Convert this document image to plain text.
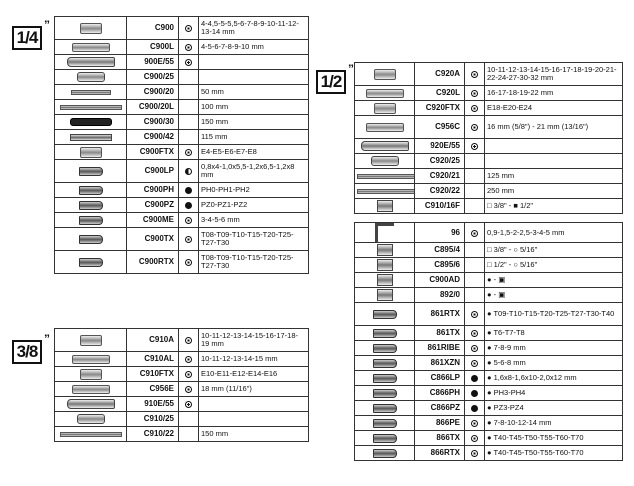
1/4
”
3/8
”
1/2
”
	C900		4-4,5-5-5,5-6-7-8-9-10-11-12-13-14 mm
	C900L		4-5-6-7-8-9-10 mm
	900E/55		
	C900/25		
	C900/20		50 mm
	C900/20L		100 mm
	C900/30		150 mm
	C900/42		115 mm
	C900FTX		E4-E5-E6-E7-E8
	C900LP		0,8x4-1,0x5,5-1,2x6,5-1,2x8 mm
	C900PH		PH0-PH1-PH2
	C900PZ		PZ0-PZ1-PZ2
	C900ME		3-4-5-6 mm
	C900TX		T08-T09-T10-T15-T20-T25-T27-T30
	C900RTX		T08-T09-T10-T15-T20-T25-T27-T30
	C910A		10-11-12-13-14-15-16-17-18-19 mm
	C910AL		10-11-12-13-14-15 mm
	C910FTX		E10-E11-E12-E14-E16
	C956E		18 mm (11/16")
	910E/55		
	C910/25		
	C910/22		150 mm
	C920A		10-11-12-13-14-15-16-17-18-19-20-21-22-24-27-30-32 mm
	C920L		16-17-18-19-22 mm
	C920FTX		E18-E20-E24
	C956C		16 mm (5/8") - 21 mm (13/16")
	920E/55		
	C920/25		
	C920/21		125 mm
	C920/22		250 mm
	C910/16F		□ 3/8" - ■ 1/2"
	96		0,9-1,5-2-2,5-3-4-5 mm
	C895/4		□ 3/8" - ○ 5/16"
	C895/6		□ 1/2" - ○ 5/16"
	C900AD		● - ▣
	892/0		● - ▣
	861RTX		● T09-T10-T15-T20-T25-T27-T30-T40
	861TX		● T6-T7-T8
	861RIBE		● 7-8-9 mm
	861XZN		● 5-6-8 mm
	C866LP		● 1,6x8-1,6x10-2,0x12 mm
	C866PH		● PH3-PH4
	C866PZ		● PZ3-PZ4
	866PE		● 7-8-10-12-14 mm
	866TX		● T40-T45-T50-T55-T60-T70
	866RTX		● T40-T45-T50-T55-T60-T70
